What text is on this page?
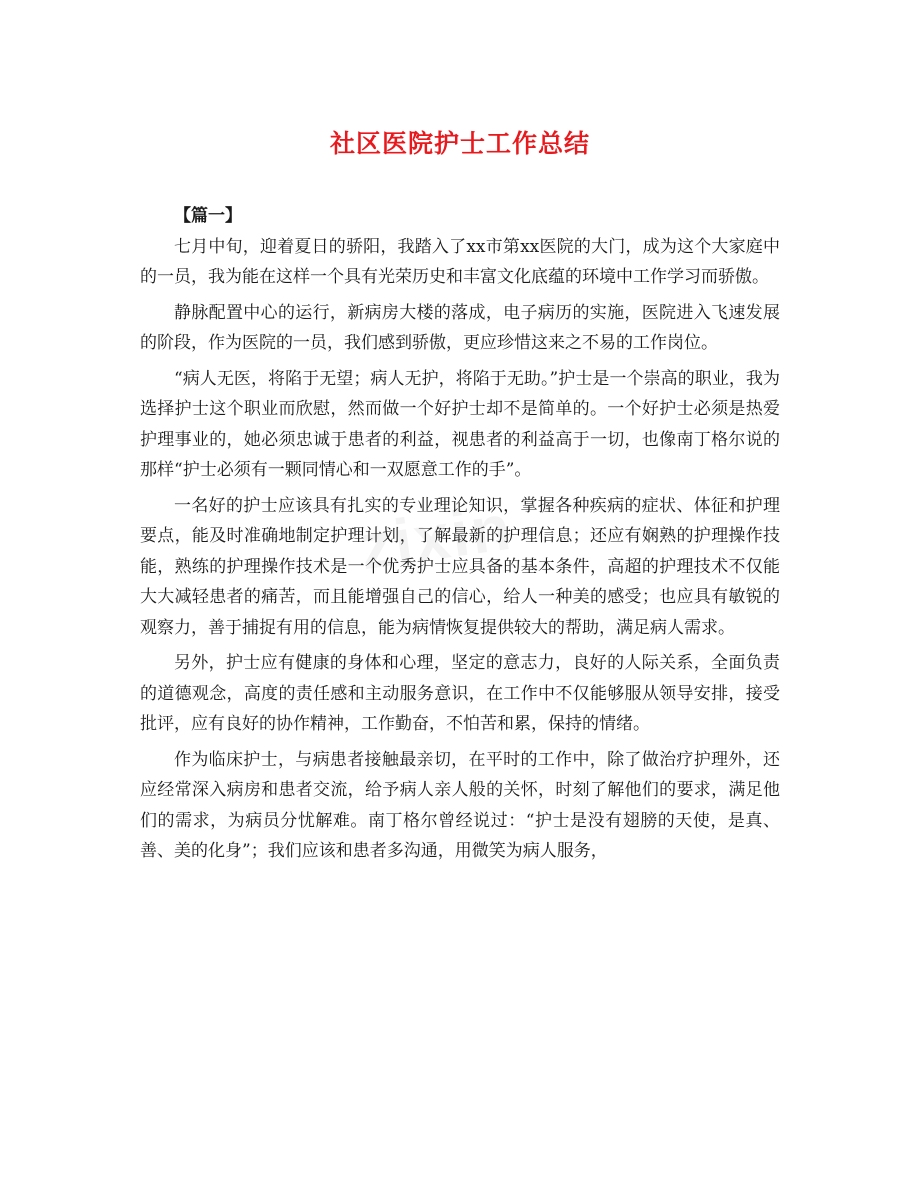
zixin
社区医院护士工作总结

【篇一】

七月中旬，迎着夏日的骄阳，我踏入了xx市第xx医院的大门，成为这个大家庭中的一员，我为能在这样一个具有光荣历史和丰富文化底蕴的环境中工作学习而骄傲。

静脉配置中心的运行，新病房大楼的落成，电子病历的实施，医院进入飞速发展的阶段，作为医院的一员，我们感到骄傲，更应珍惜这来之不易的工作岗位。

“病人无医，将陷于无望；病人无护，将陷于无助。”护士是一个崇高的职业，我为选择护士这个职业而欣慰，然而做一个好护士却不是简单的。一个好护士必须是热爱护理事业的，她必须忠诚于患者的利益，视患者的利益高于一切，也像南丁格尔说的那样“护士必须有一颗同情心和一双愿意工作的手”。

一名好的护士应该具有扎实的专业理论知识，掌握各种疾病的症状、体征和护理要点，能及时准确地制定护理计划，了解最新的护理信息；还应有娴熟的护理操作技能，熟练的护理操作技术是一个优秀护士应具备的基本条件，高超的护理技术不仅能大大减轻患者的痛苦，而且能增强自己的信心，给人一种美的感受；也应具有敏锐的观察力，善于捕捉有用的信息，能为病情恢复提供较大的帮助，满足病人需求。

另外，护士应有健康的身体和心理，坚定的意志力，良好的人际关系，全面负责的道德观念，高度的责任感和主动服务意识，在工作中不仅能够服从领导安排，接受批评，应有良好的协作精神，工作勤奋，不怕苦和累，保持的情绪。

作为临床护士，与病患者接触最亲切，在平时的工作中，除了做治疗护理外，还应经常深入病房和患者交流，给予病人亲人般的关怀，时刻了解他们的要求，满足他们的需求，为病员分忧解难。南丁格尔曾经说过：“护士是没有翅膀的天使，是真、善、美的化身”；我们应该和患者多沟通，用微笑为病人服务，
